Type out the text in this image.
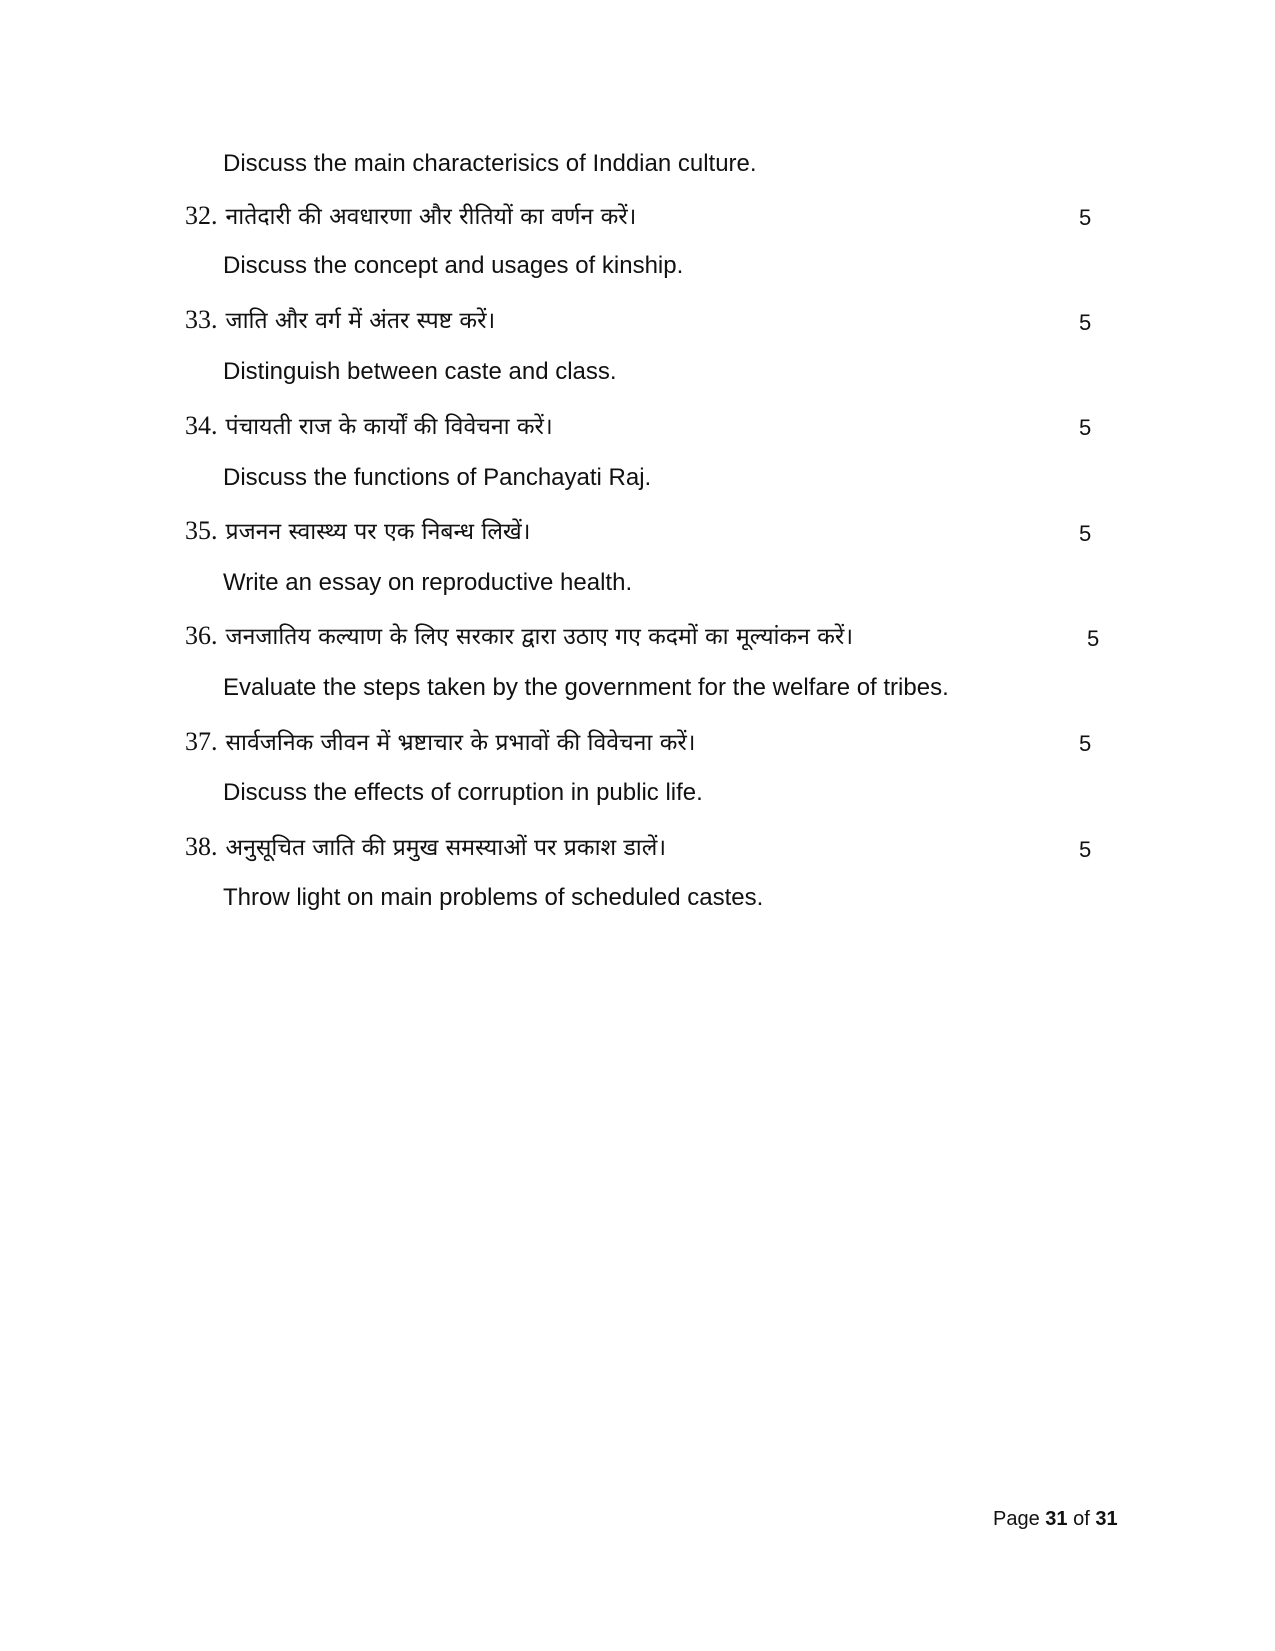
Discuss the main characterisics of Inddian culture.
32. नातेदारी की अवधारणा और रीतियों का वर्णन करें।	5
Discuss the concept and usages of kinship.
33. जाति और वर्ग में अंतर स्पष्ट करें।	5
Distinguish between caste and class.
34. पंचायती राज के कार्यों की विवेचना करें।	5
Discuss the functions of Panchayati Raj.
35. प्रजनन स्वास्थ्य पर एक निबन्ध लिखें।	5
Write an essay on reproductive health.
36. जनजातिय कल्याण के लिए सरकार द्वारा उठाए गए कदमों का मूल्यांकन करें।	5
Evaluate the steps taken by the government for the welfare of tribes.
37. सार्वजनिक जीवन में भ्रष्टाचार के प्रभावों की विवेचना करें।	5
Discuss the effects of corruption in public life.
38. अनुसूचित जाति की प्रमुख समस्याओं पर प्रकाश डालें।	5
Throw light on main problems of scheduled castes.
Page 31 of 31
